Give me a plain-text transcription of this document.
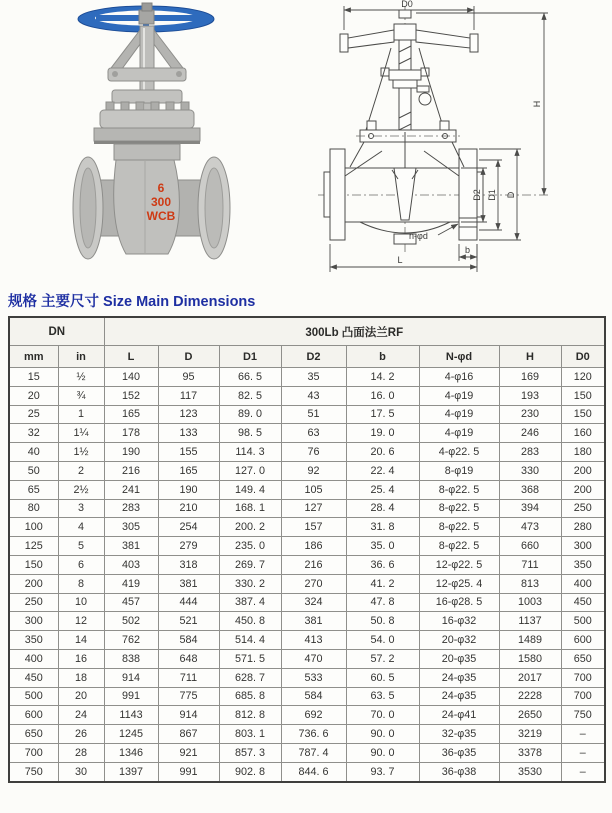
6
300
WCB
D0
H
D2 D1 D
n-φd
b
L
规格 主要尺寸 Size Main Dimensions
DN		300Lb 凸面法兰RF							
mm	in	L	D	D1	D2	b	N-φd	H	D0
15	½	140	95	66. 5	35	14. 2	4-φ16	169	120
20	¾	152	117	82. 5	43	16. 0	4-φ19	193	150
25	1	165	123	89. 0	51	17. 5	4-φ19	230	150
32	1¼	178	133	98. 5	63	19. 0	4-φ19	246	160
40	1½	190	155	114. 3	76	20. 6	4-φ22. 5	283	180
50	2	216	165	127. 0	92	22. 4	8-φ19	330	200
65	2½	241	190	149. 4	105	25. 4	8-φ22. 5	368	200
80	3	283	210	168. 1	127	28. 4	8-φ22. 5	394	250
100	4	305	254	200. 2	157	31. 8	8-φ22. 5	473	280
125	5	381	279	235. 0	186	35. 0	8-φ22. 5	660	300
150	6	403	318	269. 7	216	36. 6	12-φ22. 5	711	350
200	8	419	381	330. 2	270	41. 2	12-φ25. 4	813	400
250	10	457	444	387. 4	324	47. 8	16-φ28. 5	1003	450
300	12	502	521	450. 8	381	50. 8	16-φ32	1137	500
350	14	762	584	514. 4	413	54. 0	20-φ32	1489	600
400	16	838	648	571. 5	470	57. 2	20-φ35	1580	650
450	18	914	711	628. 7	533	60. 5	24-φ35	2017	700
500	20	991	775	685. 8	584	63. 5	24-φ35	2228	700
600	24	1143	914	812. 8	692	70. 0	24-φ41	2650	750
650	26	1245	867	803. 1	736. 6	90. 0	32-φ35	3219	–
700	28	1346	921	857. 3	787. 4	90. 0	36-φ35	3378	–
750	30	1397	991	902. 8	844. 6	93. 7	36-φ38	3530	–
